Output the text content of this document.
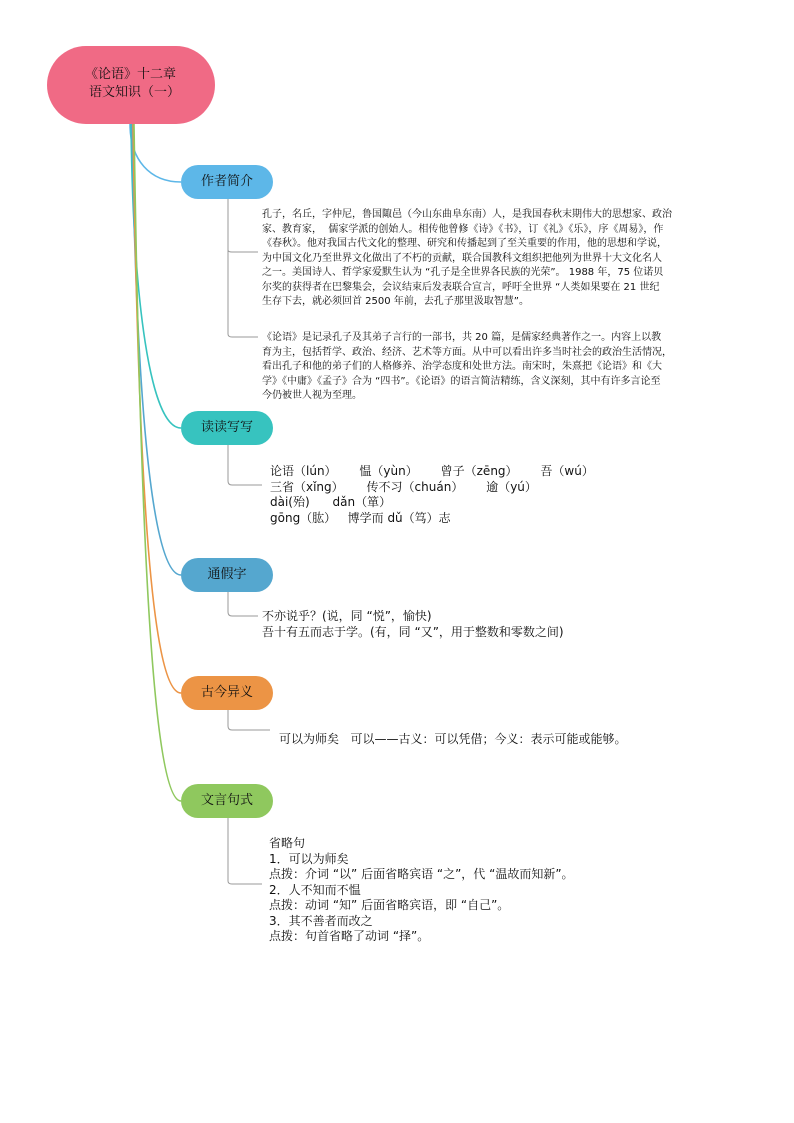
《论语》十二章
语文知识（一）
作者简介
读读写写
通假字
古今异义
文言句式
孔子，名丘，字仲尼，鲁国陬邑（今山东曲阜东南）人，是我国春秋末期伟大的思想家、政治
家、教育家，  儒家学派的创始人。相传他曾修《诗》《书》，订《礼》《乐》，序《周易》，作
《春秋》。他对我国古代文化的整理、研究和传播起到了至关重要的作用，他的思想和学说，
为中国文化乃至世界文化做出了不朽的贡献，联合国教科文组织把他列为世界十大文化名人
之一。美国诗人、哲学家爱默生认为 “孔子是全世界各民族的光荣”。 1988 年，75 位诺贝
尔奖的获得者在巴黎集会，会议结束后发表联合宣言，呼吁全世界 “人类如果要在 21 世纪
生存下去，就必须回首 2500 年前，去孔子那里汲取智慧”。
《论语》是记录孔子及其弟子言行的一部书，共 20 篇，是儒家经典著作之一。内容上以教
育为主，包括哲学、政治、经济、艺术等方面。从中可以看出许多当时社会的政治生活情况，
看出孔子和他的弟子们的人格修养、治学态度和处世方法。南宋时，朱熹把《论语》和《大
学》《中庸》《孟子》合为 “四书”。《论语》的语言简洁精练，含义深刻，其中有许多言论至
今仍被世人视为至理。
论语（lún）      愠（yùn）      曾子（zēng）      吾（wú）
三省（xǐng）      传不习（chuán）      逾（yú）
dài(殆)      dǎn（箪）
gōng（肱）   博学而 dǔ（笃）志
不亦说乎？(说，同 “悦”，愉快)
吾十有五而志于学。(有，同 “又”，用于整数和零数之间)
可以为师矣   可以——古义：可以凭借；今义：表示可能或能够。
省略句
1．可以为师矣
点拨：介词 “以” 后面省略宾语 “之”，代 “温故而知新”。
2．人不知而不愠
点拨：动词 “知” 后面省略宾语，即 “自己”。
3．其不善者而改之
点拨：句首省略了动词 “择”。
